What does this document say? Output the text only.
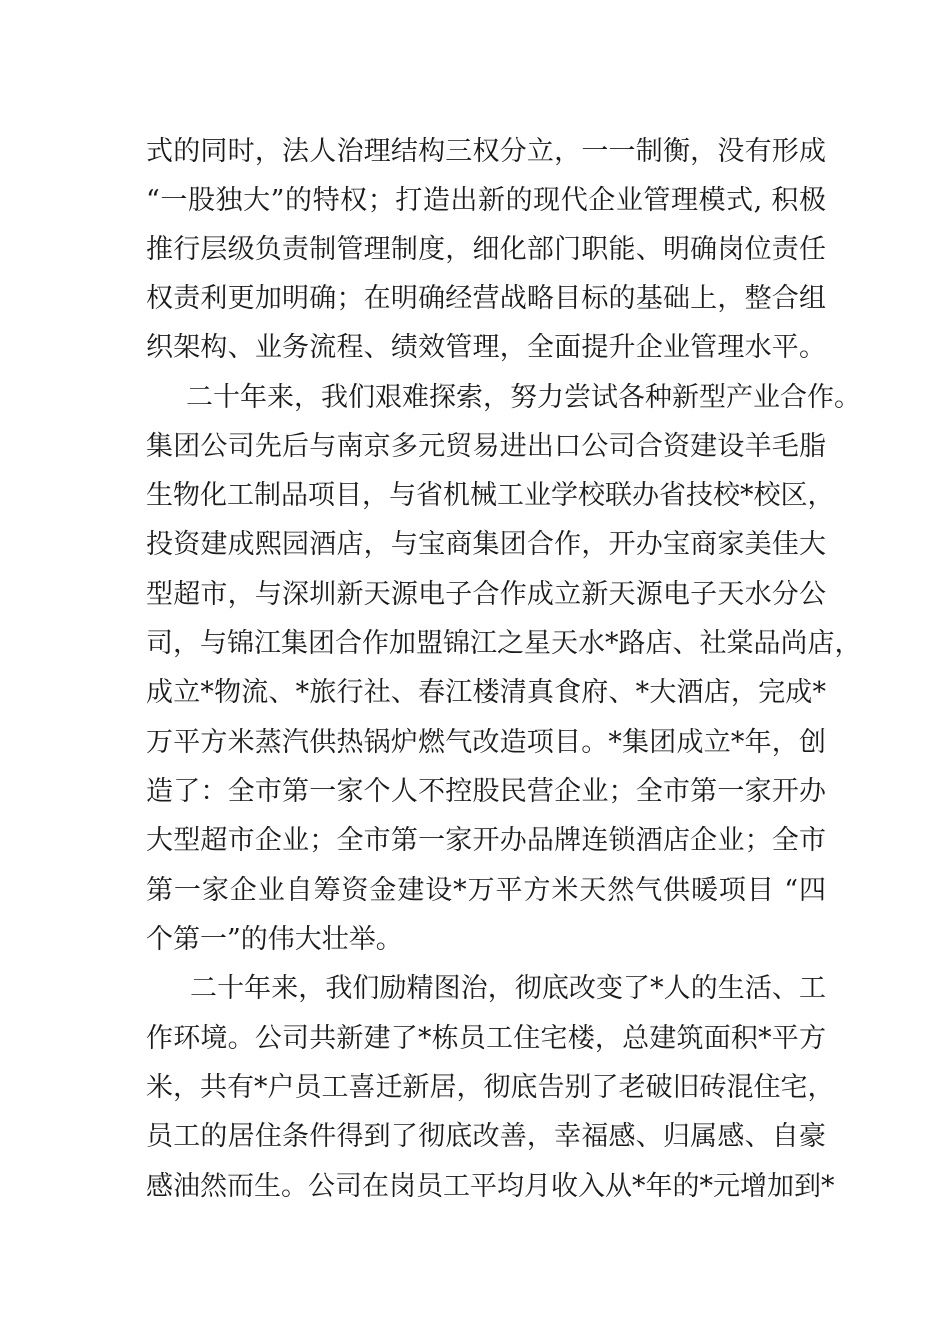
式的同时，法人治理结构三权分立，一一制衡，没有形成
“一股独大”的特权；打造出新的现代企业管理模式, 积极
推行层级负责制管理制度，细化部门职能、明确岗位责任
权责利更加明确；在明确经营战略目标的基础上，整合组
织架构、业务流程、绩效管理，全面提升企业管理水平。
二十年来，我们艰难探索，努力尝试各种新型产业合作。
集团公司先后与南京多元贸易进出口公司合资建设羊毛脂
生物化工制品项目，与省机械工业学校联办省技校*校区，
投资建成熙园酒店，与宝商集团合作，开办宝商家美佳大
型超市，与深圳新天源电子合作成立新天源电子天水分公
司，与锦江集团合作加盟锦江之星天水*路店、社棠品尚店，
成立*物流、*旅行社、春江楼清真食府、*大酒店，完成*
万平方米蒸汽供热锅炉燃气改造项目。*集团成立*年，创
造了：全市第一家个人不控股民营企业；全市第一家开办
大型超市企业；全市第一家开办品牌连锁酒店企业；全市
第一家企业自筹资金建设*万平方米天然气供暖项目 “四
个第一”的伟大壮举。
二十年来，我们励精图治，彻底改变了*人的生活、工
作环境。公司共新建了*栋员工住宅楼，总建筑面积*平方
米，共有*户员工喜迁新居，彻底告别了老破旧砖混住宅，
员工的居住条件得到了彻底改善，幸福感、归属感、自豪
感油然而生。公司在岗员工平均月收入从*年的*元增加到*
